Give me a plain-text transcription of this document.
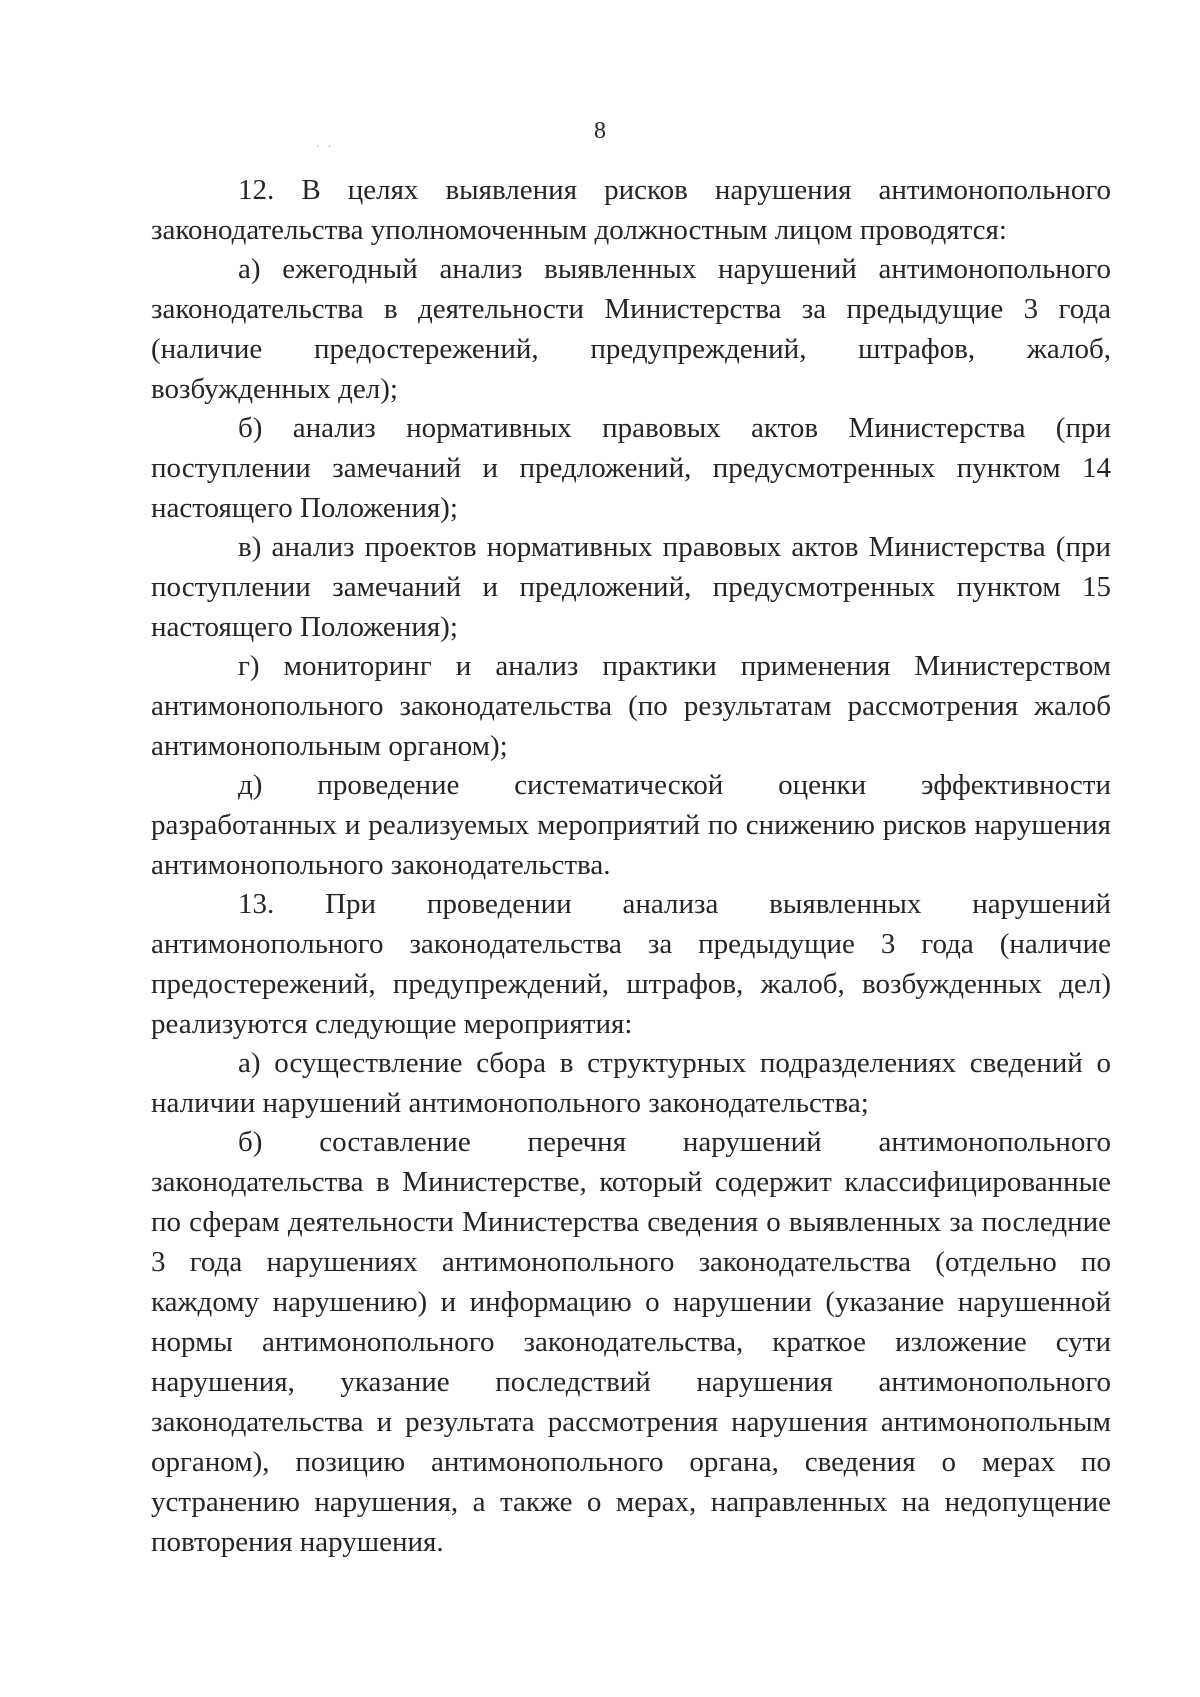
. .	8

12. В целях выявления рисков нарушения антимонопольного законодательства уполномоченным должностным лицом проводятся:

а) ежегодный анализ выявленных нарушений антимонопольного законодательства в деятельности Министерства за предыдущие 3 года (наличие предостережений, предупреждений, штрафов, жалоб, возбужденных дел);

б) анализ нормативных правовых актов Министерства (при поступлении замечаний и предложений, предусмотренных пунктом 14 настоящего Положения);

в) анализ проектов нормативных правовых актов Министерства (при поступлении замечаний и предложений, предусмотренных пунктом 15 настоящего Положения);

г) мониторинг и анализ практики применения Министерством антимонопольного законодательства (по результатам рассмотрения жалоб антимонопольным органом);

д) проведение систематической оценки эффективности разработанных и реализуемых мероприятий по снижению рисков нарушения антимонопольного законодательства.

13. При проведении анализа выявленных нарушений антимонопольного законодательства за предыдущие 3 года (наличие предостережений, предупреждений, штрафов, жалоб, возбужденных дел) реализуются следующие мероприятия:

а) осуществление сбора в структурных подразделениях сведений о наличии нарушений антимонопольного законодательства;

б) составление перечня нарушений антимонопольного законодательства в Министерстве, который содержит классифицированные по сферам деятельности Министерства сведения о выявленных за последние 3 года нарушениях антимонопольного законодательства (отдельно по каждому нарушению) и информацию о нарушении (указание нарушенной нормы антимонопольного законодательства, краткое изложение сути нарушения, указание последствий нарушения антимонопольного законодательства и результата рассмотрения нарушения антимонопольным органом), позицию антимонопольного органа, сведения о мерах по устранению нарушения, а также о мерах, направленных на недопущение повторения нарушения.
